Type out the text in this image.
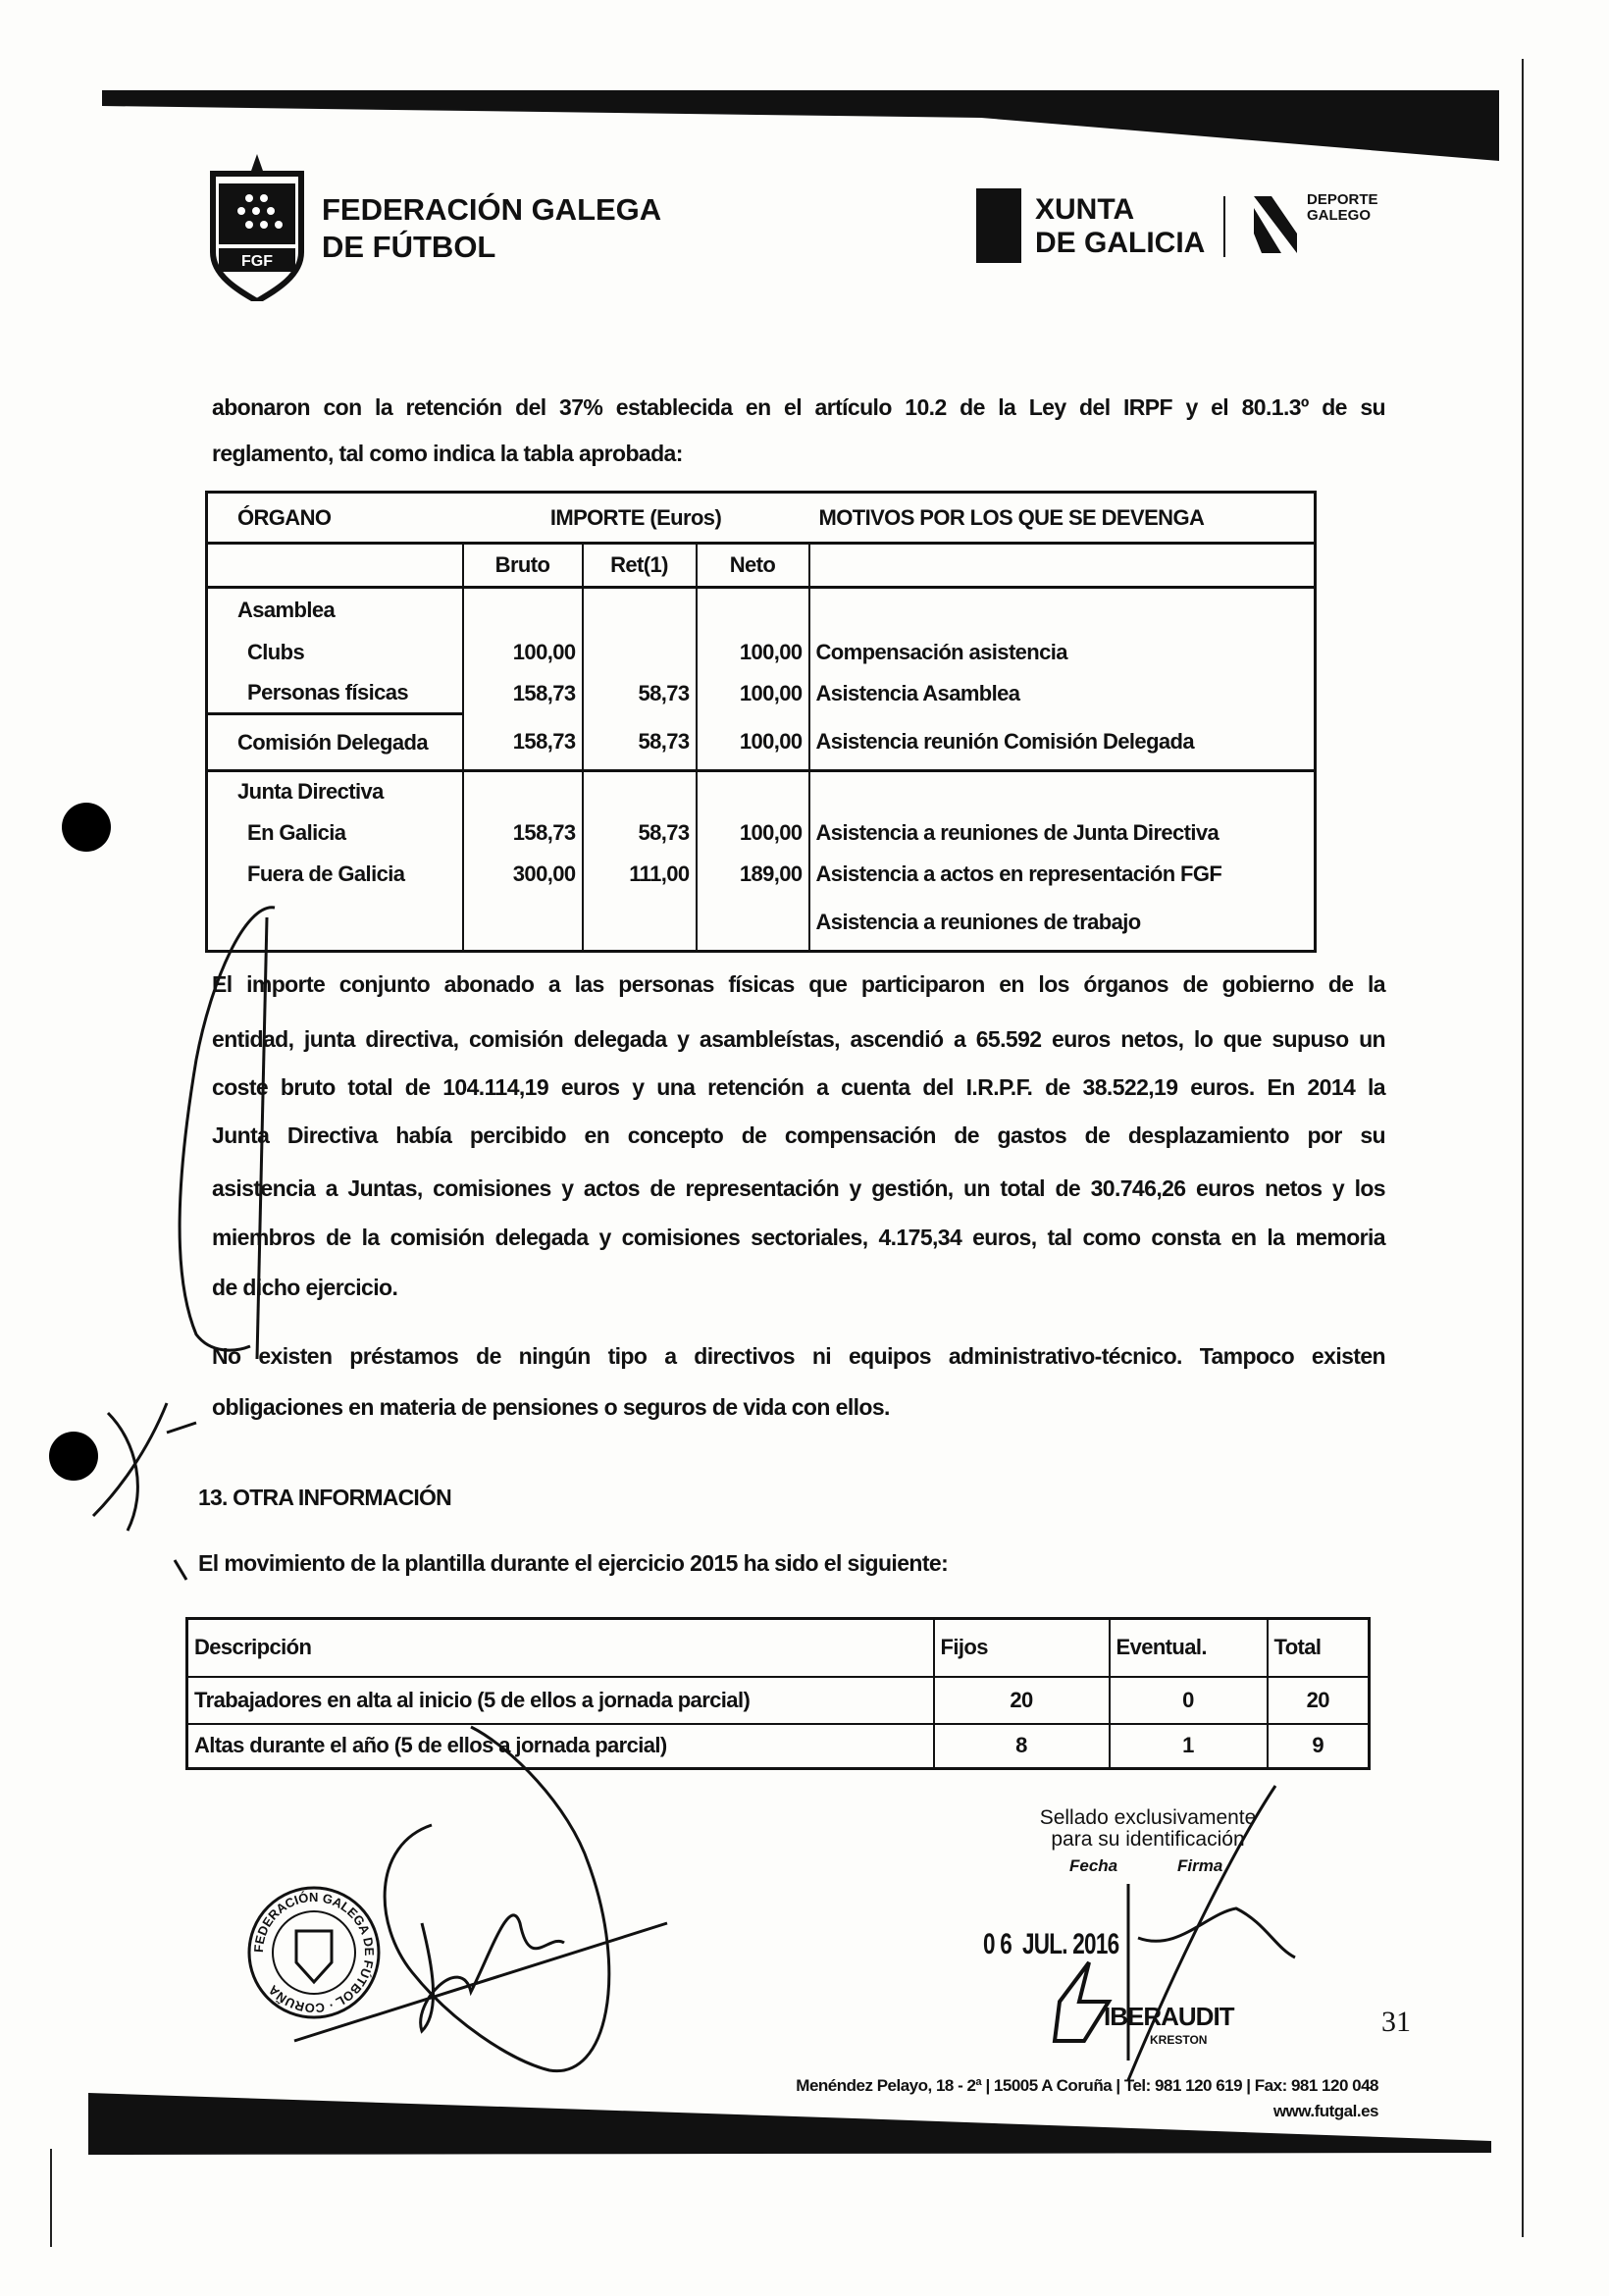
FGF
FEDERACIÓN GALEGA
DE FÚTBOL
XUNTA
DE GALICIA
DEPORTE
GALEGO
abonaron con la retención del 37% establecida en el artículo 10.2 de la Ley del IRPF y el 80.1.3º de su
reglamento, tal como indica la tabla aprobada:
ÓRGANO	IMPORTE (Euros)			MOTIVOS POR LOS QUE SE DEVENGA
	Bruto	Ret(1)	Neto	
Asamblea				
Clubs	100,00		100,00	Compensación asistencia
Personas físicas	158,73	58,73	100,00	Asistencia Asamblea
Comisión Delegada	158,73	58,73	100,00	Asistencia reunión Comisión Delegada
Junta Directiva				
En Galicia	158,73	58,73	100,00	Asistencia a reuniones de Junta Directiva
Fuera de Galicia	300,00	111,00	189,00	Asistencia a actos en representación FGF
				Asistencia a reuniones de trabajo
El importe conjunto abonado a las personas físicas que participaron en los órganos de gobierno de la
entidad, junta directiva, comisión delegada y asambleístas, ascendió a 65.592 euros netos, lo que supuso un
coste bruto total de 104.114,19 euros y una retención a cuenta del I.R.P.F. de 38.522,19 euros. En 2014 la
Junta Directiva había percibido en concepto de compensación de gastos de desplazamiento por su
asistencia a Juntas, comisiones y actos de representación y gestión, un total de 30.746,26 euros netos y los
miembros de la comisión delegada y comisiones sectoriales, 4.175,34 euros, tal como consta en la memoria
de dicho ejercicio.
No existen préstamos de ningún tipo a directivos ni equipos administrativo-técnico. Tampoco existen
obligaciones en materia de pensiones o seguros de vida con ellos.
13. OTRA INFORMACIÓN
El movimiento de la plantilla durante el ejercicio 2015 ha sido el siguiente:
Descripción	Fijos	Eventual.	Total
Trabajadores en alta al inicio (5 de ellos a jornada parcial)	20	0	20
Altas durante el año (5 de ellos a jornada parcial)	8	1	9
FEDERACIÓN GALEGA DE FÚTBOL · CORUÑA
Sellado exclusivamente
para su identificación
Fecha	Firma
0 6  JUL. 2016
IBERAUDIT
KRESTON
31
Menéndez Pelayo, 18 - 2ª | 15005 A Coruña | Tel: 981 120 619 | Fax: 981 120 048
www.futgal.es
